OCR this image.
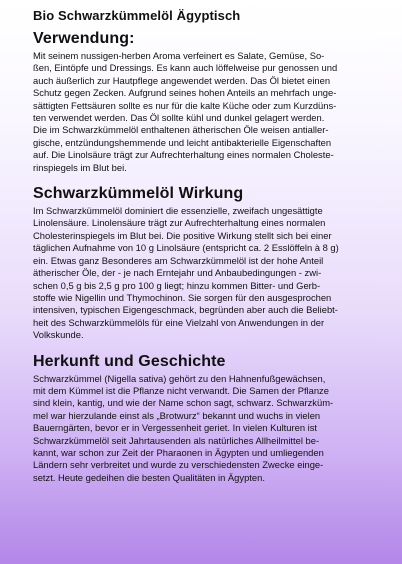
Bio Schwarzkümmelöl Ägyptisch
Verwendung:
Mit seinem nussigen-herben Aroma verfeinert es Salate, Gemüse, So-
ßen, Eintöpfe und Dressings. Es kann auch löffelweise pur genossen und
auch äußerlich zur Hautpflege angewendet werden. Das Öl bietet einen
Schutz gegen Zecken. Aufgrund seines hohen Anteils an mehrfach unge-
sättigten Fettsäuren sollte es nur für die kalte Küche oder zum Kurzdüns-
ten verwendet werden. Das Öl sollte kühl und dunkel gelagert werden.
Die im Schwarzkümmelöl enthaltenen ätherischen Öle weisen antialler-
gische, entzündungshemmende und leicht antibakterielle Eigenschaften
auf. Die Linolsäure trägt zur Aufrechterhaltung eines normalen Choleste-
rinspiegels im Blut bei.
Schwarzkümmelöl Wirkung
Im Schwarzkümmelöl dominiert die essenzielle, zweifach ungesättigte
Linolensäure. Linolensäure trägt zur Aufrechterhaltung eines normalen
Cholesterinspiegels im Blut bei. Die positive Wirkung stellt sich bei einer
täglichen Aufnahme von 10 g Linolsäure (entspricht ca. 2 Esslöffeln à 8 g)
ein. Etwas ganz Besonderes am Schwarzkümmelöl ist der hohe Anteil
ätherischer Öle, der - je nach Erntejahr und Anbaubedingungen - zwi-
schen 0,5 g bis 2,5 g pro 100 g liegt; hinzu kommen Bitter- und Gerb-
stoffe wie Nigellin und Thymochinon. Sie sorgen für den ausgesprochen
intensiven, typischen Eigengeschmack, begründen aber auch die Beliebt-
heit des Schwarzkümmelöls für eine Vielzahl von Anwendungen in der
Volkskunde.
Herkunft und Geschichte
Schwarzkümmel (Nigella sativa) gehört zu den Hahnenfußgewächsen,
mit dem Kümmel ist die Pflanze nicht verwandt. Die Samen der Pflanze
sind klein, kantig, und wie der Name schon sagt, schwarz. Schwarzküm-
mel war hierzulande einst als „Brotwurz“ bekannt und wuchs in vielen
Bauerngärten, bevor er in Vergessenheit geriet. In vielen Kulturen ist
Schwarzkümmelöl seit Jahrtausenden als natürliches Allheilmittel be-
kannt, war schon zur Zeit der Pharaonen in Ägypten und umliegenden
Ländern sehr verbreitet und wurde zu verschiedensten Zwecke einge-
setzt. Heute gedeihen die besten Qualitäten in Ägypten.
